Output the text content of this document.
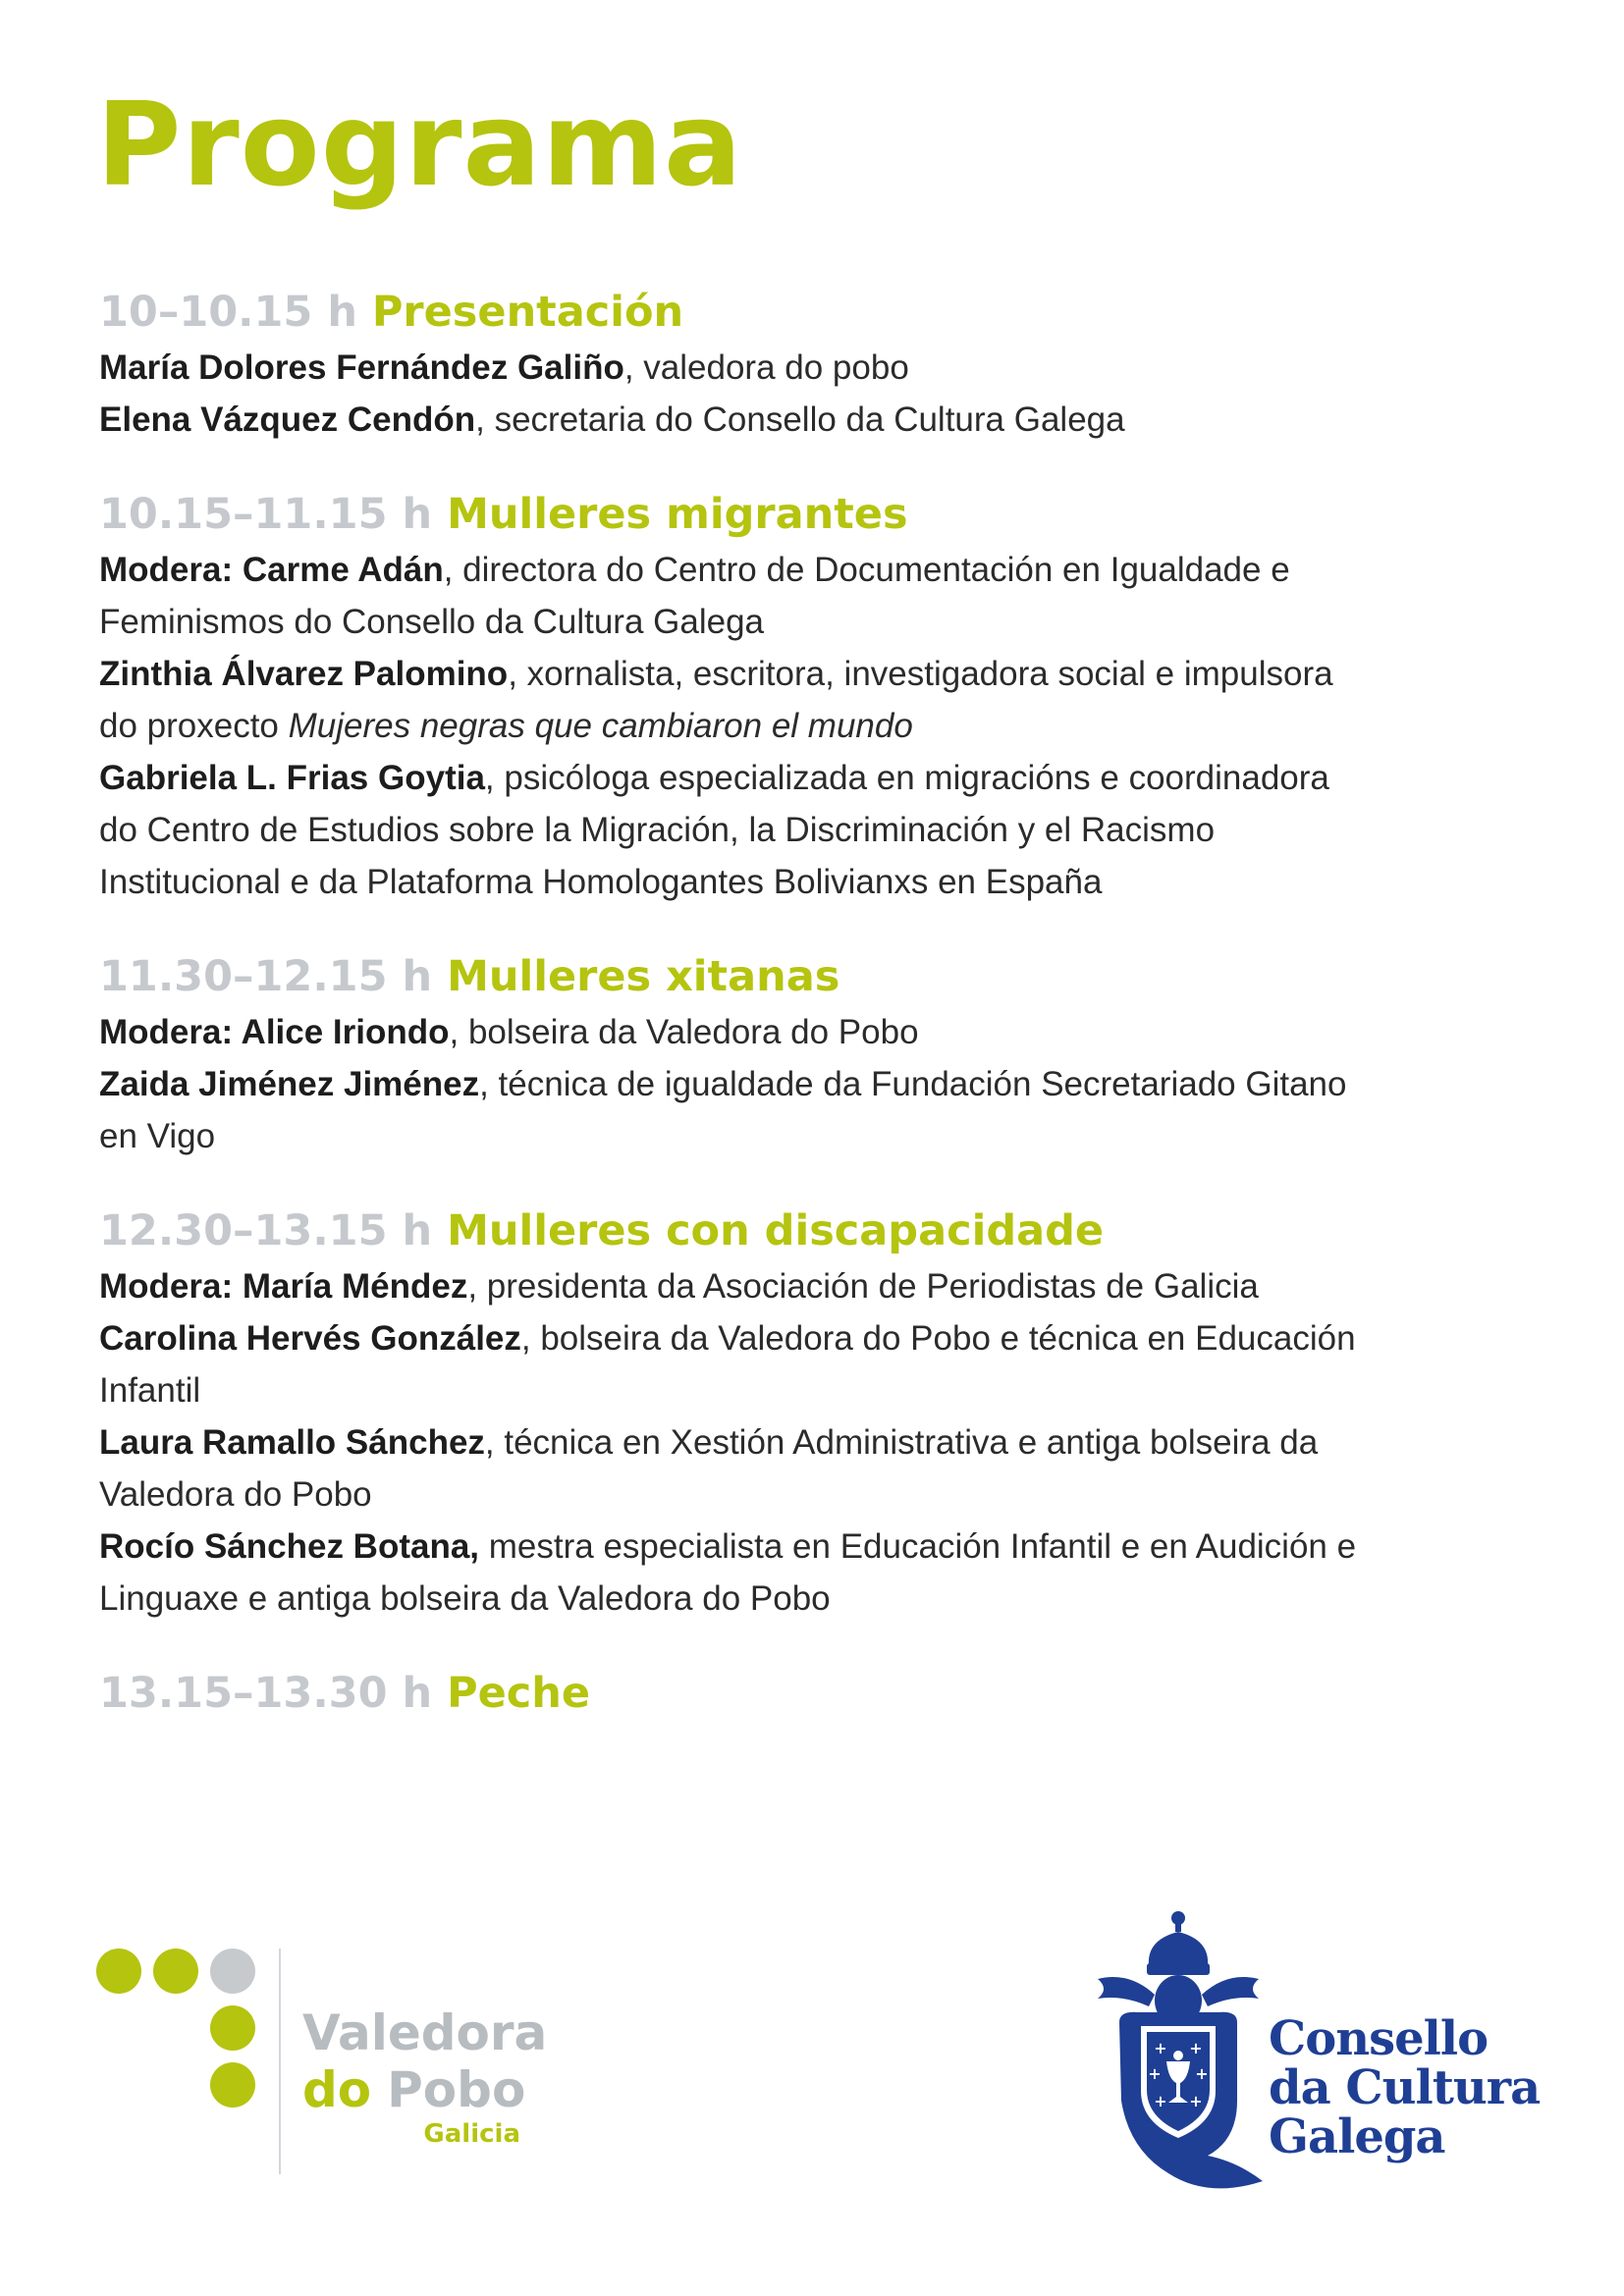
Programa
10–10.15 h Presentación

María Dolores Fernández Galiño, valedora do pobo

Elena Vázquez Cendón, secretaria do Consello da Cultura Galega

10.15–11.15 h Mulleres migrantes

Modera: Carme Adán, directora do Centro de Documentación en Igualdade e

Feminismos do Consello da Cultura Galega

Zinthia Álvarez Palomino, xornalista, escritora, investigadora social e impulsora

do proxecto Mujeres negras que cambiaron el mundo

Gabriela L. Frias Goytia, psicóloga especializada en migracións e coordinadora

do Centro de Estudios sobre la Migración, la Discriminación y el Racismo

Institucional e da Plataforma Homologantes Bolivianxs en España

11.30–12.15 h Mulleres xitanas

Modera: Alice Iriondo, bolseira da Valedora do Pobo

Zaida Jiménez Jiménez, técnica de igualdade da Fundación Secretariado Gitano

en Vigo

12.30–13.15 h Mulleres con discapacidade

Modera: María Méndez, presidenta da Asociación de Periodistas de Galicia

Carolina Hervés González, bolseira da Valedora do Pobo e técnica en Educación

Infantil

Laura Ramallo Sánchez, técnica en Xestión Administrativa e antiga bolseira da

Valedora do Pobo

Rocío Sánchez Botana, mestra especialista en Educación Infantil e en Audición e

Linguaxe e antiga bolseira da Valedora do Pobo

13.15–13.30 h Peche
Valedora
do Pobo
Galicia
+ +
+ +
+ +
Consello
da Cultura
Galega
